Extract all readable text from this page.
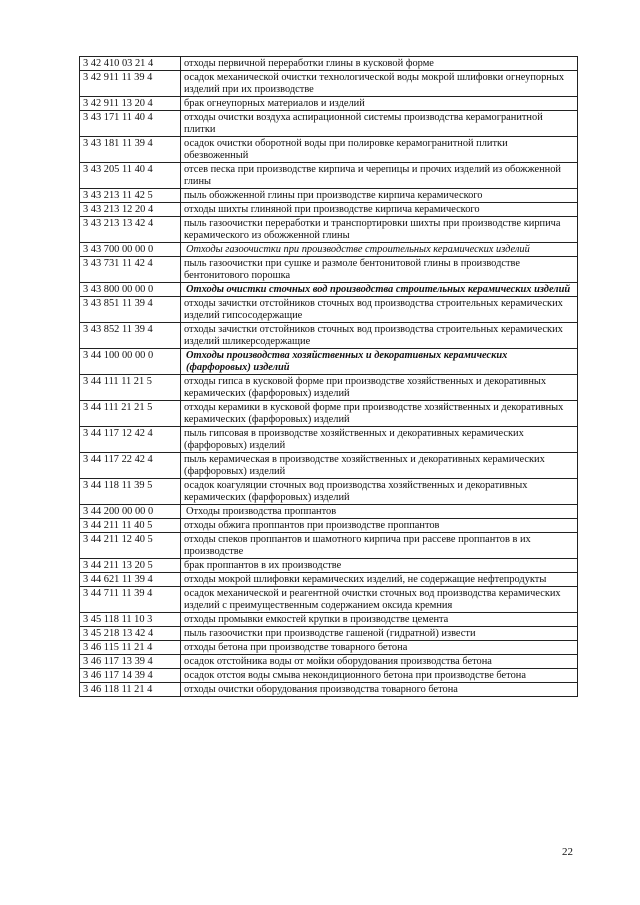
3 42 410 03 21 4	отходы первичной переработки глины в кусковой форме
3 42 911 11 39 4	осадок механической очистки технологической воды мокрой шлифовки огнеупорных изделий при их производстве
3 42 911 13 20 4	брак огнеупорных материалов и изделий
3 43 171 11 40 4	отходы очистки воздуха аспирационной системы производства керамогранитной плитки
3 43 181 11 39 4	осадок очистки оборотной воды при полировке керамогранитной плитки обезвоженный
3 43 205 11 40 4	отсев песка при производстве кирпича и черепицы и прочих изделий из обожженной глины
3 43 213 11 42 5	пыль обожженной глины при производстве кирпича керамического
3 43 213 12 20 4	отходы шихты глиняной при производстве кирпича керамического
3 43 213 13 42 4	пыль газоочистки переработки и транспортировки шихты при производстве кирпича керамического из обожженной глины
3 43 700 00 00 0	Отходы газоочистки при производстве строительных керамических изделий
3 43 731 11 42 4	пыль газоочистки при сушке и размоле бентонитовой глины в производстве бентонитового порошка
3 43 800 00 00 0	Отходы очистки сточных вод производства строительных керамических изделий
3 43 851 11 39 4	отходы зачистки отстойников сточных вод производства строительных керамических изделий гипсосодержащие
3 43 852 11 39 4	отходы зачистки отстойников сточных вод производства строительных керамических изделий шликерсодержащие
3 44 100 00 00 0	Отходы производства хозяйственных и декоративных керамических (фарфоровых) изделий
3 44 111 11 21 5	отходы гипса в кусковой форме при производстве хозяйственных и декоративных керамических (фарфоровых) изделий
3 44 111 21 21 5	отходы керамики в кусковой форме при производстве хозяйственных и декоративных керамических (фарфоровых) изделий
3 44 117 12 42 4	пыль гипсовая в производстве хозяйственных и декоративных керамических (фарфоровых) изделий
3 44 117 22 42 4	пыль керамическая в производстве хозяйственных и декоративных керамических (фарфоровых) изделий
3 44 118 11 39 5	осадок коагуляции сточных вод производства хозяйственных и декоративных керамических (фарфоровых) изделий
3 44 200 00 00 0	Отходы производства проппантов
3 44 211 11 40 5	отходы обжига проппантов при производстве проппантов
3 44 211 12 40 5	отходы спеков проппантов и шамотного кирпича при рассеве проппантов в их производстве
3 44 211 13 20 5	брак проппантов в их производстве
3 44 621 11 39 4	отходы мокрой шлифовки керамических изделий, не содержащие нефтепродукты
3 44 711 11 39 4	осадок механической и реагентной очистки сточных вод производства керамических изделий с преимущественным содержанием оксида кремния
3 45 118 11 10 3	отходы промывки емкостей крупки в производстве цемента
3 45 218 13 42 4	пыль газоочистки при производстве гашеной (гидратной) извести
3 46 115 11 21 4	отходы бетона при производстве товарного бетона
3 46 117 13 39 4	осадок отстойника воды от мойки оборудования производства бетона
3 46 117 14 39 4	осадок отстоя воды смыва некондиционного бетона при производстве бетона
3 46 118 11 21 4	отходы очистки оборудования производства товарного бетона
22
